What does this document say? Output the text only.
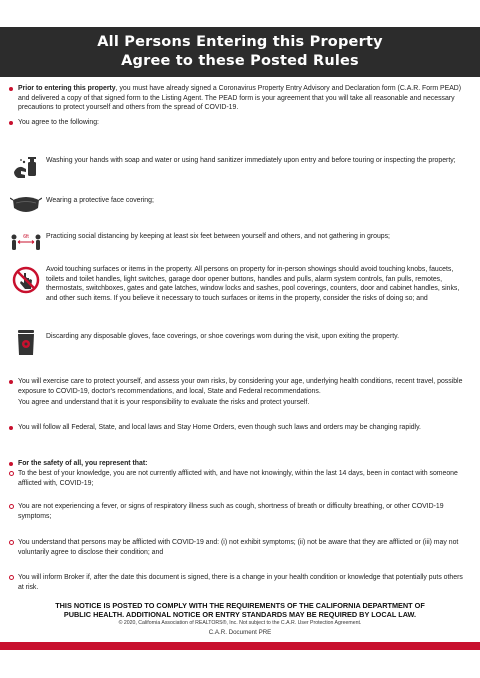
All Persons Entering this Property
Agree to these Posted Rules
Prior to entering this property, you must have already signed a Coronavirus Property Entry Advisory and Declaration form (C.A.R. Form PEAD) and delivered a copy of that signed form to the Listing Agent. The PEAD form is your agreement that you will take all reasonable and necessary precautions to protect yourself and others from the spread of COVID-19.
You agree to the following:
Washing your hands with soap and water or using hand sanitizer immediately upon entry and before touring or inspecting the property;
Wearing a protective face covering;
6ft Practicing social distancing by keeping at least six feet between yourself and others, and not gathering in groups;
Avoid touching surfaces or items in the property. All persons on property for in-person showings should avoid touching knobs, faucets, toilets and toilet handles, light switches, garage door opener buttons, handles and pulls, alarm system controls, fan pulls, remotes, thermostats, switchboxes, gates and gate latches, window locks and sashes, pool coverings, counters, door and cabinet handles, sinks, and other such items. If you believe it necessary to touch surfaces or items in the property, consider the risks of doing so; and
Discarding any disposable gloves, face coverings, or shoe coverings worn during the visit, upon exiting the property.
You will exercise care to protect yourself, and assess your own risks, by considering your age, underlying health conditions, recent travel, possible exposure to COVID-19, doctor's recommendations, and local, State and Federal recommendations.
You agree and understand that it is your responsibility to evaluate the risks and protect yourself.
You will follow all Federal, State, and local laws and Stay Home Orders, even though such laws and orders may be changing rapidly.
For the safety of all, you represent that:
To the best of your knowledge, you are not currently afflicted with, and have not knowingly, within the last 14 days, been in contact with someone afflicted with, COVID-19;
You are not experiencing a fever, or signs of respiratory illness such as cough, shortness of breath or difficulty breathing, or other COVID-19 symptoms;
You understand that persons may be afflicted with COVID-19 and: (i) not exhibit symptoms; (ii) not be aware that they are afflicted or (iii) may not voluntarily agree to disclose their condition; and
You will inform Broker if, after the date this document is signed, there is a change in your health condition or knowledge that potentially puts others at risk.
THIS NOTICE IS POSTED TO COMPLY WITH THE REQUIREMENTS OF THE CALIFORNIA DEPARTMENT OF
PUBLIC HEALTH. ADDITIONAL NOTICE OR ENTRY STANDARDS MAY BE REQUIRED BY LOCAL LAW.
© 2020, California Association of REALTORS®, Inc. Not subject to the C.A.R. User Protection Agreement.
C.A.R. Document PRE
